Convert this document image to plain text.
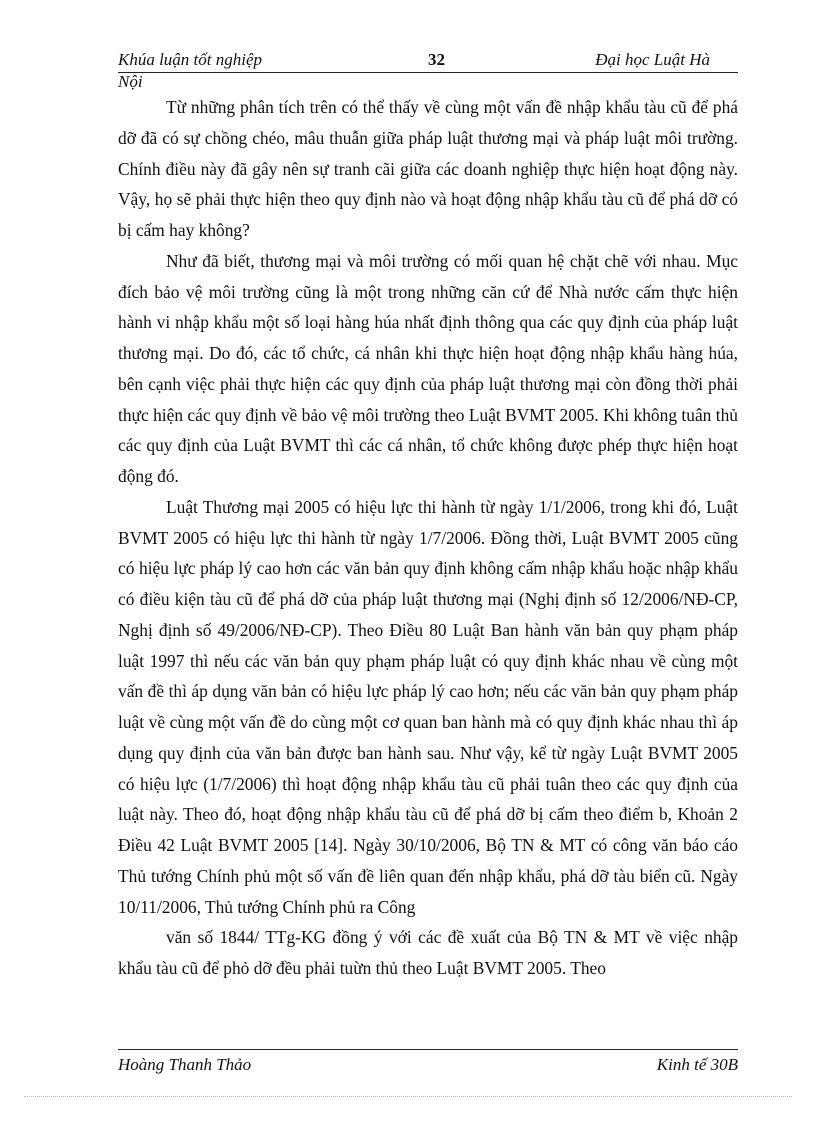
Khúa luận tốt nghiệp	32	Đại học Luật Hà
Nội

Từ những phân tích trên có thể thấy về cùng một vấn đề nhập khẩu tàu cũ để phá dỡ đã có sự chồng chéo, mâu thuẫn giữa pháp luật thương mại và pháp luật môi trường. Chính điều này đã gây nên sự tranh cãi giữa các doanh nghiệp thực hiện hoạt động này. Vậy, họ sẽ phải thực hiện theo quy định nào và hoạt động nhập khẩu tàu cũ để phá dỡ có bị cấm hay không?

Như đã biết, thương mại và môi trường có mối quan hệ chặt chẽ với nhau. Mục đích bảo vệ môi trường cũng là một trong những căn cứ để Nhà nước cấm thực hiện hành vi nhập khẩu một số loại hàng húa nhất định thông qua các quy định của pháp luật thương mại. Do đó, các tổ chức, cá nhân khi thực hiện hoạt động nhập khẩu hàng húa, bên cạnh việc phải thực hiện các quy định của pháp luật thương mại còn đồng thời phải thực hiện các quy định về bảo vệ môi trường theo Luật BVMT 2005. Khi không tuân thủ các quy định của Luật BVMT thì các cá nhân, tổ chức không được phép thực hiện hoạt động đó.

Luật Thương mại 2005 có hiệu lực thi hành từ ngày 1/1/2006, trong khi đó, Luật BVMT 2005 có hiệu lực thi hành từ ngày 1/7/2006. Đồng thời, Luật BVMT 2005 cũng có hiệu lực pháp lý cao hơn các văn bản quy định không cấm nhập khẩu hoặc nhập khẩu có điều kiện tàu cũ để phá dỡ của pháp luật thương mại (Nghị định số 12/2006/NĐ-CP, Nghị định số 49/2006/NĐ-CP). Theo Điều 80 Luật Ban hành văn bản quy phạm pháp luật 1997 thì nếu các văn bản quy phạm pháp luật có quy định khác nhau về cùng một vấn đề thì áp dụng văn bản có hiệu lực pháp lý cao hơn; nếu các văn bản quy phạm pháp luật về cùng một vấn đề do cùng một cơ quan ban hành mà có quy định khác nhau thì áp dụng quy định của văn bản được ban hành sau. Như vậy, kể từ ngày Luật BVMT 2005 có hiệu lực (1/7/2006) thì hoạt động nhập khẩu tàu cũ phải tuân theo các quy định của luật này. Theo đó, hoạt động nhập khẩu tàu cũ để phá dỡ bị cấm theo điểm b, Khoản 2 Điều 42 Luật BVMT 2005 [14]. Ngày 30/10/2006, Bộ TN & MT có công văn báo cáo Thủ tướng Chính phủ một số vấn đề liên quan đến nhập khẩu, phá dỡ tàu biển cũ. Ngày 10/11/2006, Thủ tướng Chính phủ ra Công

văn số 1844/ TTg-KG đồng ý với các đề xuất của Bộ TN & MT về việc nhập khẩu tàu cũ để phỏ dỡ đều phải tuừn thủ theo Luật BVMT 2005. Theo

Hoàng Thanh Thảo	Kinh tế 30B
